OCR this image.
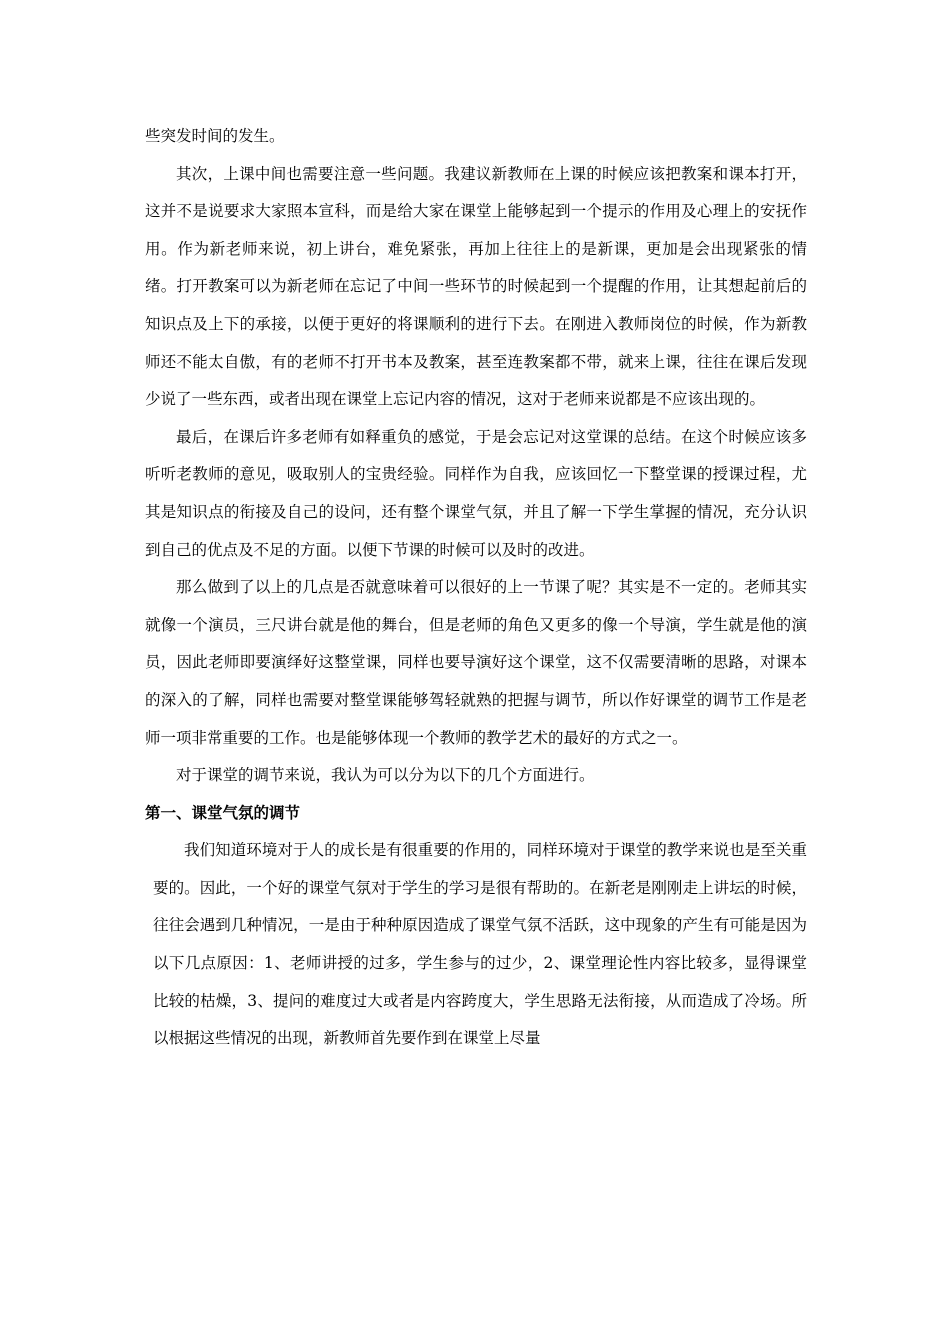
些突发时间的发生。

其次，上课中间也需要注意一些问题。我建议新教师在上课的时候应该把教案和课本打开，这并不是说要求大家照本宣科，而是给大家在课堂上能够起到一个提示的作用及心理上的安抚作用。作为新老师来说，初上讲台，难免紧张，再加上往往上的是新课，更加是会出现紧张的情绪。打开教案可以为新老师在忘记了中间一些环节的时候起到一个提醒的作用，让其想起前后的知识点及上下的承接，以便于更好的将课顺利的进行下去。在刚进入教师岗位的时候，作为新教师还不能太自傲，有的老师不打开书本及教案，甚至连教案都不带，就来上课，往往在课后发现少说了一些东西，或者出现在课堂上忘记内容的情况，这对于老师来说都是不应该出现的。

最后，在课后许多老师有如释重负的感觉，于是会忘记对这堂课的总结。在这个时候应该多听听老教师的意见，吸取别人的宝贵经验。同样作为自我，应该回忆一下整堂课的授课过程，尤其是知识点的衔接及自己的设问，还有整个课堂气氛，并且了解一下学生掌握的情况，充分认识到自己的优点及不足的方面。以便下节课的时候可以及时的改进。

那么做到了以上的几点是否就意味着可以很好的上一节课了呢？其实是不一定的。老师其实就像一个演员，三尺讲台就是他的舞台，但是老师的角色又更多的像一个导演，学生就是他的演员，因此老师即要演绎好这整堂课，同样也要导演好这个课堂，这不仅需要清晰的思路，对课本的深入的了解，同样也需要对整堂课能够驾轻就熟的把握与调节，所以作好课堂的调节工作是老师一项非常重要的工作。也是能够体现一个教师的教学艺术的最好的方式之一。

对于课堂的调节来说，我认为可以分为以下的几个方面进行。

第一、课堂气氛的调节

我们知道环境对于人的成长是有很重要的作用的，同样环境对于课堂的教学来说也是至关重要的。因此，一个好的课堂气氛对于学生的学习是很有帮助的。在新老是刚刚走上讲坛的时候，往往会遇到几种情况，一是由于种种原因造成了课堂气氛不活跃，这中现象的产生有可能是因为以下几点原因：1、老师讲授的过多，学生参与的过少，2、课堂理论性内容比较多，显得课堂比较的枯燥，3、提问的难度过大或者是内容跨度大，学生思路无法衔接，从而造成了冷场。所以根据这些情况的出现，新教师首先要作到在课堂上尽量
